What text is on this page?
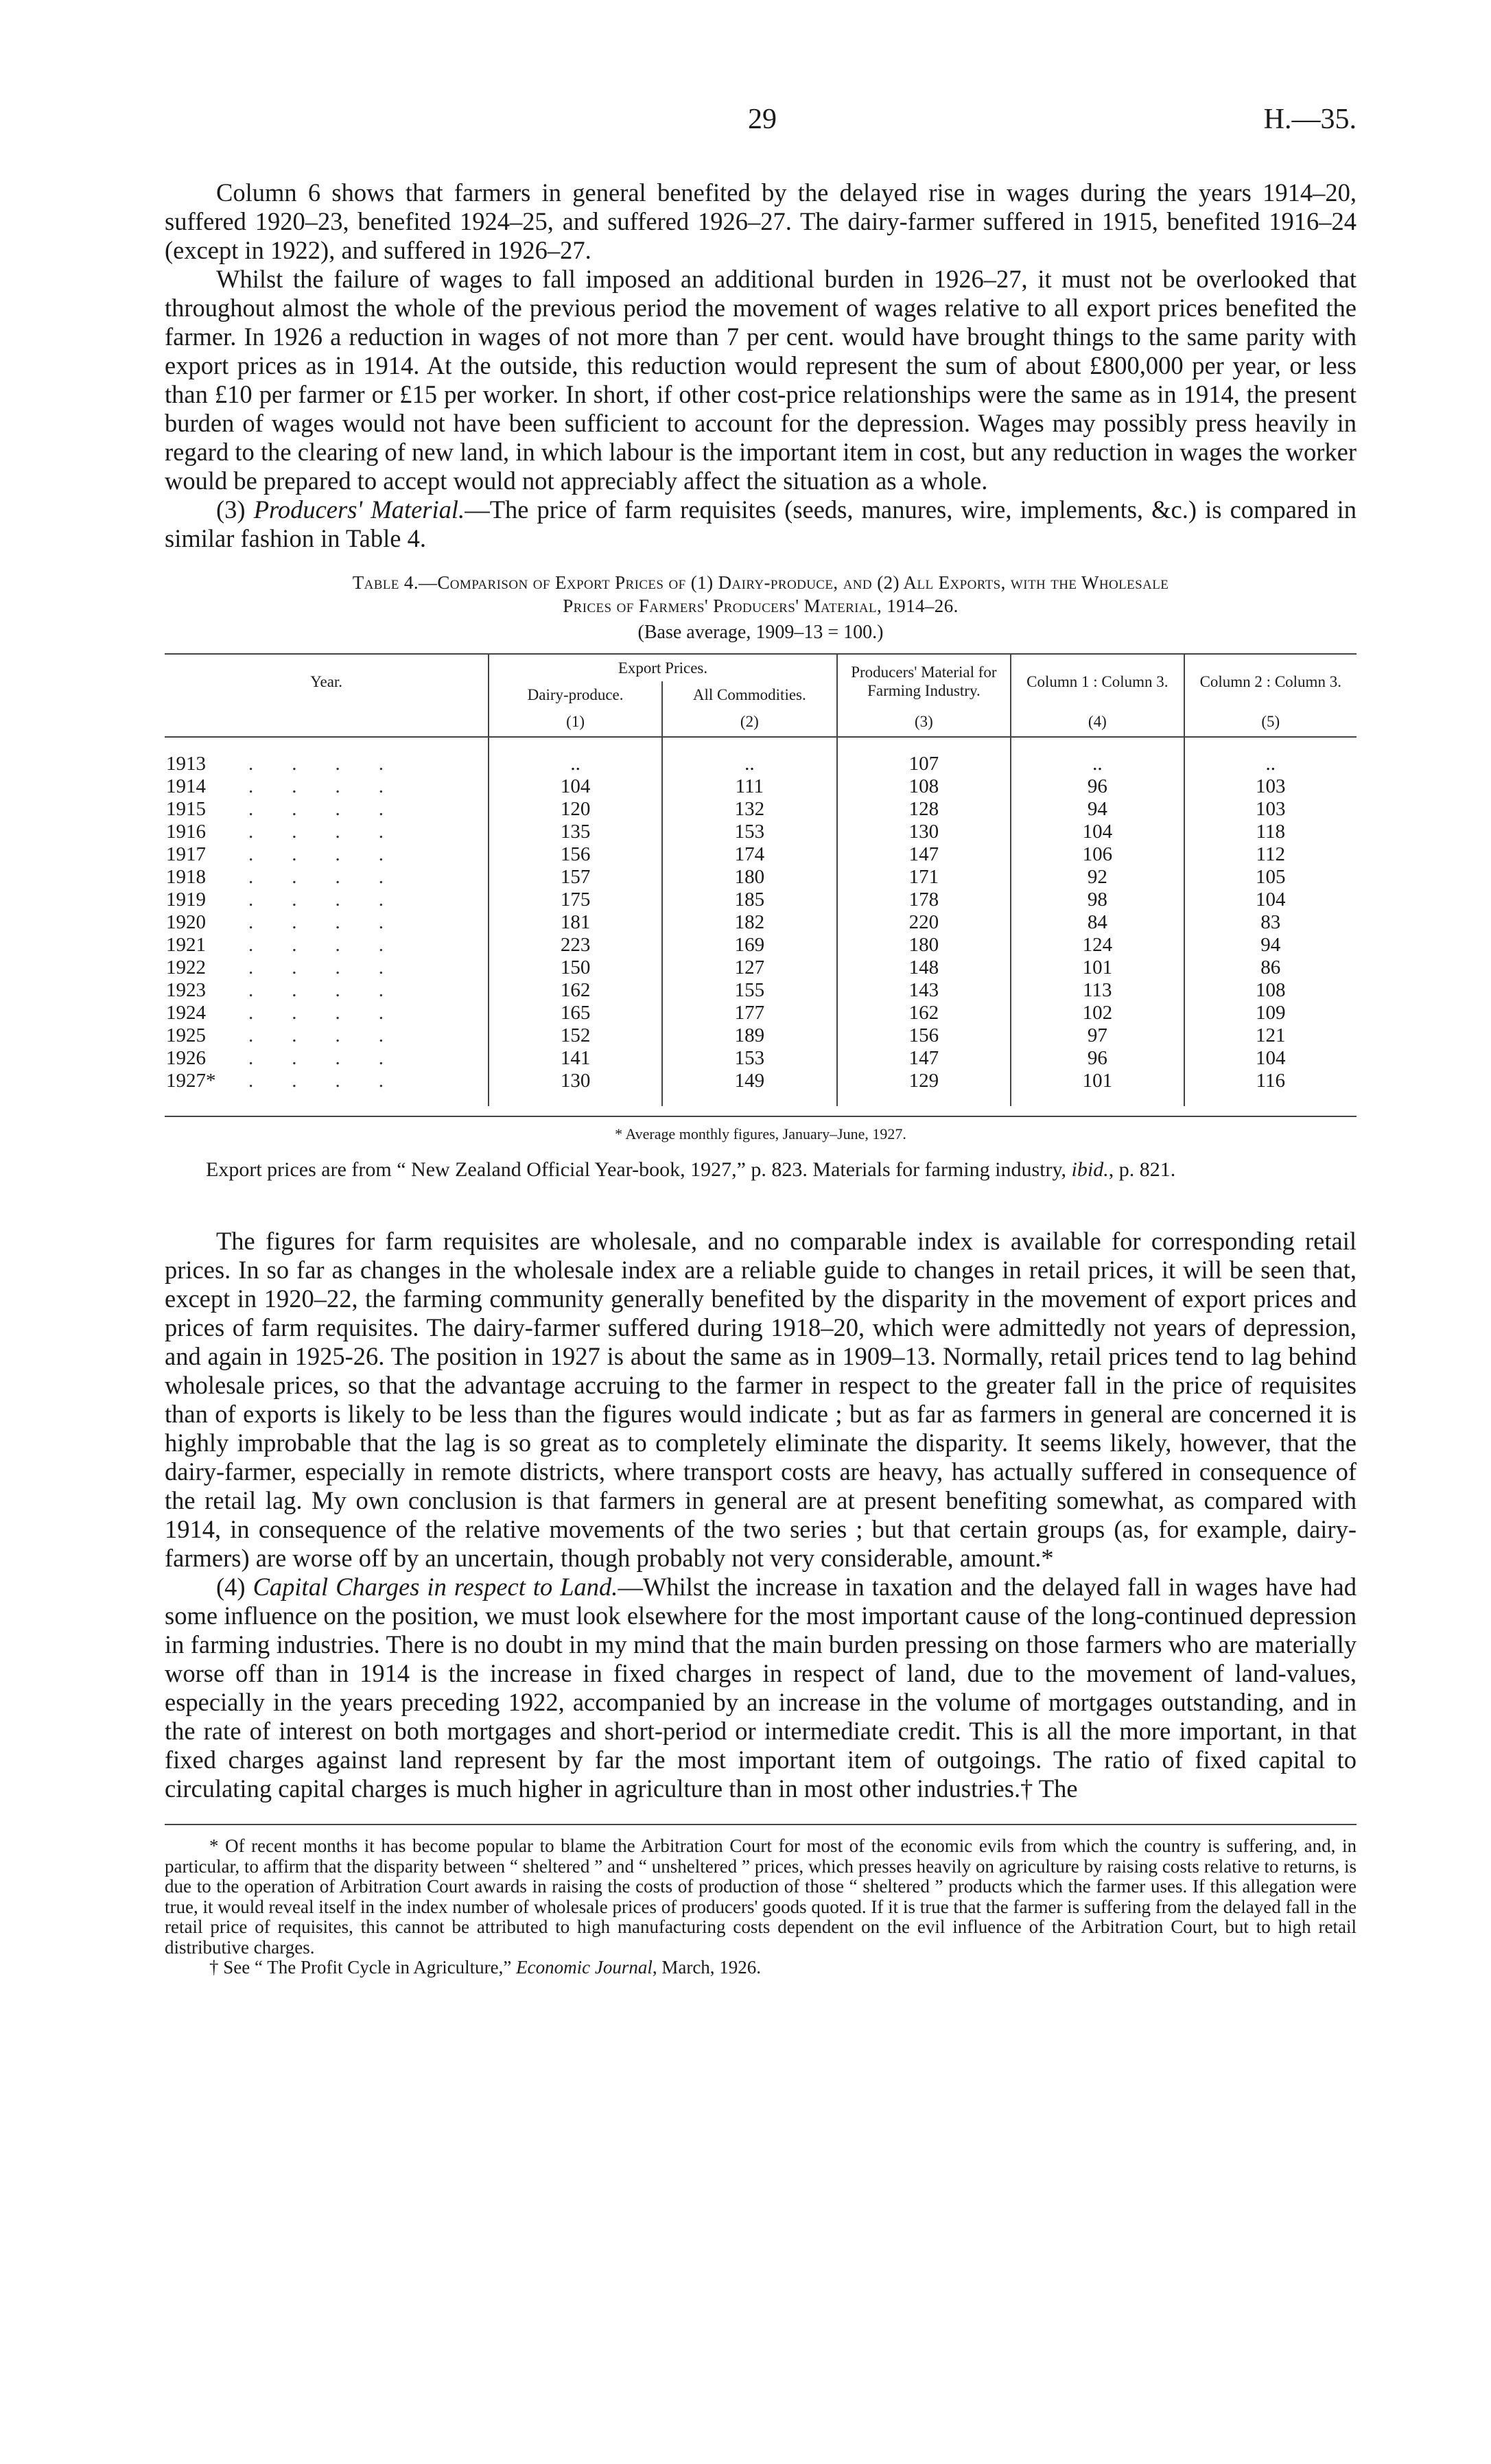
29	H.—35.

Column 6 shows that farmers in general benefited by the delayed rise in wages during the years 1914–20, suffered 1920–23, benefited 1924–25, and suffered 1926–27. The dairy-farmer suffered in 1915, benefited 1916–24 (except in 1922), and suffered in 1926–27.

Whilst the failure of wages to fall imposed an additional burden in 1926–27, it must not be overlooked that throughout almost the whole of the previous period the movement of wages relative to all export prices benefited the farmer. In 1926 a reduction in wages of not more than 7 per cent. would have brought things to the same parity with export prices as in 1914. At the outside, this reduction would represent the sum of about £800,000 per year, or less than £10 per farmer or £15 per worker. In short, if other cost-price relationships were the same as in 1914, the present burden of wages would not have been sufficient to account for the depression. Wages may possibly press heavily in regard to the clearing of new land, in which labour is the important item in cost, but any reduction in wages the worker would be prepared to accept would not appreciably affect the situation as a whole.

(3) Producers' Material.—The price of farm requisites (seeds, manures, wire, implements, &c.) is compared in similar fashion in Table 4.

Table 4.—Comparison of Export Prices of (1) Dairy-produce, and (2) All Exports, with the Wholesale
Prices of Farmers' Producers' Material, 1914–26.
(Base average, 1909–13 = 100.)
Year.	Export Prices.		Producers' Material for Farming Industry.	Column 1 : Column 3.	Column 2 : Column 3.
	Dairy-produce.	All Commodities.			
	(1)	(2)	(3)	(4)	(5)
1913 ....	..	..	107	..	..
1914 ....	104	111	108	96	103
1915 ....	120	132	128	94	103
1916 ....	135	153	130	104	118
1917 ....	156	174	147	106	112
1918 ....	157	180	171	92	105
1919 ....	175	185	178	98	104
1920 ....	181	182	220	84	83
1921 ....	223	169	180	124	94
1922 ....	150	127	148	101	86
1923 ....	162	155	143	113	108
1924 ....	165	177	162	102	109
1925 ....	152	189	156	97	121
1926 ....	141	153	147	96	104
1927* ....	130	149	129	101	116
* Average monthly figures, January–June, 1927.

Export prices are from “ New Zealand Official Year-book, 1927,” p. 823. Materials for farming industry, ibid., p. 821.

The figures for farm requisites are wholesale, and no comparable index is available for corresponding retail prices. In so far as changes in the wholesale index are a reliable guide to changes in retail prices, it will be seen that, except in 1920–22, the farming community generally benefited by the disparity in the movement of export prices and prices of farm requisites. The dairy-farmer suffered during 1918–20, which were admittedly not years of depression, and again in 1925-26. The position in 1927 is about the same as in 1909–13. Normally, retail prices tend to lag behind wholesale prices, so that the advantage accruing to the farmer in respect to the greater fall in the price of requisites than of exports is likely to be less than the figures would indicate ; but as far as farmers in general are concerned it is highly improbable that the lag is so great as to completely eliminate the disparity. It seems likely, however, that the dairy-farmer, especially in remote districts, where transport costs are heavy, has actually suffered in consequence of the retail lag. My own conclusion is that farmers in general are at present benefiting somewhat, as compared with 1914, in consequence of the relative movements of the two series ; but that certain groups (as, for example, dairy-farmers) are worse off by an uncertain, though probably not very considerable, amount.*

(4) Capital Charges in respect to Land.—Whilst the increase in taxation and the delayed fall in wages have had some influence on the position, we must look elsewhere for the most important cause of the long-continued depression in farming industries. There is no doubt in my mind that the main burden pressing on those farmers who are materially worse off than in 1914 is the increase in fixed charges in respect of land, due to the movement of land-values, especially in the years preceding 1922, accompanied by an increase in the volume of mortgages outstanding, and in the rate of interest on both mortgages and short-period or intermediate credit. This is all the more important, in that fixed charges against land represent by far the most important item of outgoings. The ratio of fixed capital to circulating capital charges is much higher in agriculture than in most other industries.† The

* Of recent months it has become popular to blame the Arbitration Court for most of the economic evils from which the country is suffering, and, in particular, to affirm that the disparity between “ sheltered ” and “ unsheltered ” prices, which presses heavily on agriculture by raising costs relative to returns, is due to the operation of Arbitration Court awards in raising the costs of production of those “ sheltered ” products which the farmer uses. If this allegation were true, it would reveal itself in the index number of wholesale prices of producers' goods quoted. If it is true that the farmer is suffering from the delayed fall in the retail price of requisites, this cannot be attributed to high manufacturing costs dependent on the evil influence of the Arbitration Court, but to high retail distributive charges.

† See “ The Profit Cycle in Agriculture,” Economic Journal, March, 1926.
